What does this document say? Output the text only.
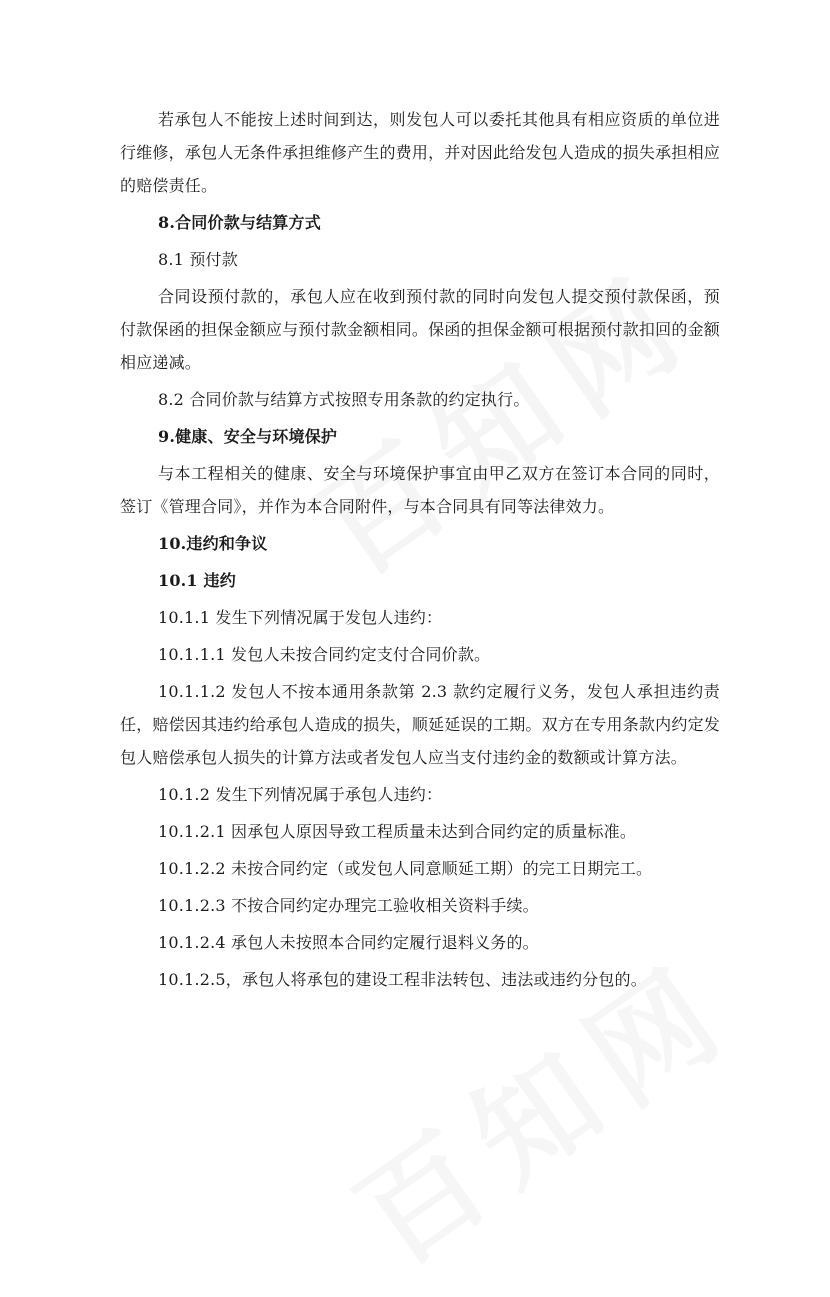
若承包人不能按上述时间到达，则发包人可以委托其他具有相应资质的单位进行维修，承包人无条件承担维修产生的费用，并对因此给发包人造成的损失承担相应的赔偿责任。

8.合同价款与结算方式

8.1 预付款

合同设预付款的，承包人应在收到预付款的同时向发包人提交预付款保函，预付款保函的担保金额应与预付款金额相同。保函的担保金额可根据预付款扣回的金额相应递减。

8.2 合同价款与结算方式按照专用条款的约定执行。

9.健康、安全与环境保护

与本工程相关的健康、安全与环境保护事宜由甲乙双方在签订本合同的同时，签订《管理合同》，并作为本合同附件，与本合同具有同等法律效力。

10.违约和争议

10.1 违约

10.1.1 发生下列情况属于发包人违约：

10.1.1.1 发包人未按合同约定支付合同价款。

10.1.1.2 发包人不按本通用条款第 2.3 款约定履行义务，发包人承担违约责任，赔偿因其违约给承包人造成的损失，顺延延误的工期。双方在专用条款内约定发包人赔偿承包人损失的计算方法或者发包人应当支付违约金的数额或计算方法。

10.1.2 发生下列情况属于承包人违约：

10.1.2.1 因承包人原因导致工程质量未达到合同约定的质量标准。

10.1.2.2 未按合同约定（或发包人同意顺延工期）的完工日期完工。

10.1.2.3 不按合同约定办理完工验收相关资料手续。

10.1.2.4 承包人未按照本合同约定履行退料义务的。

10.1.2.5，承包人将承包的建设工程非法转包、违法或违约分包的。
